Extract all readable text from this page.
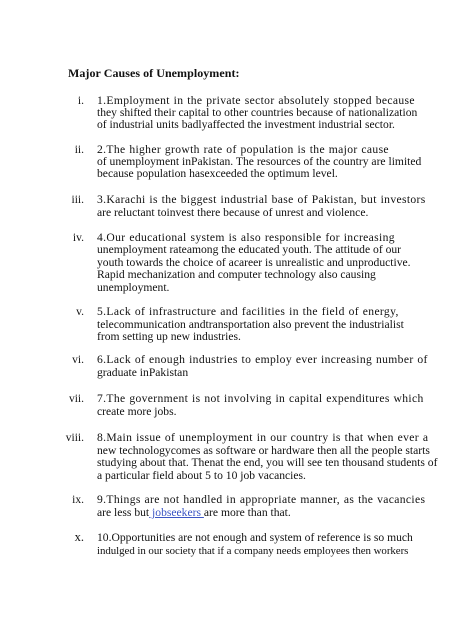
Major Causes of Unemployment:
i. 1.Employment in the private sector absolutely stopped because
they shifted their capital to other countries because of nationalization
of industrial units badlyaffected the investment industrial sector.
ii. 2.The higher growth rate of population is the major cause
of unemployment inPakistan. The resources of the country are limited
because population hasexceeded the optimum level.
iii. 3.Karachi is the biggest industrial base of Pakistan, but investors
are reluctant toinvest there because of unrest and violence.
iv. 4.Our educational system is also responsible for increasing
unemployment rateamong the educated youth. The attitude of our
youth towards the choice of acareer is unrealistic and unproductive.
Rapid mechanization and computer technology also causing
unemployment.
v. 5.Lack of infrastructure and facilities in the field of energy,
telecommunication andtransportation also prevent the industrialist
from setting up new industries.
vi. 6.Lack of enough industries to employ ever increasing number of
graduate inPakistan
vii. 7.The government is not involving in capital expenditures which
create more jobs.
viii. 8.Main issue of unemployment in our country is that when ever a
new technologycomes as software or hardware then all the people starts
studying about that. Thenat the end, you will see ten thousand students of
a particular field about 5 to 10 job vacancies.
ix. 9.Things are not handled in appropriate manner, as the vacancies
are less but jobseekers are more than that.
x. 10.Opportunities are not enough and system of reference is so much
indulged in our society that if a company needs employees then workers
